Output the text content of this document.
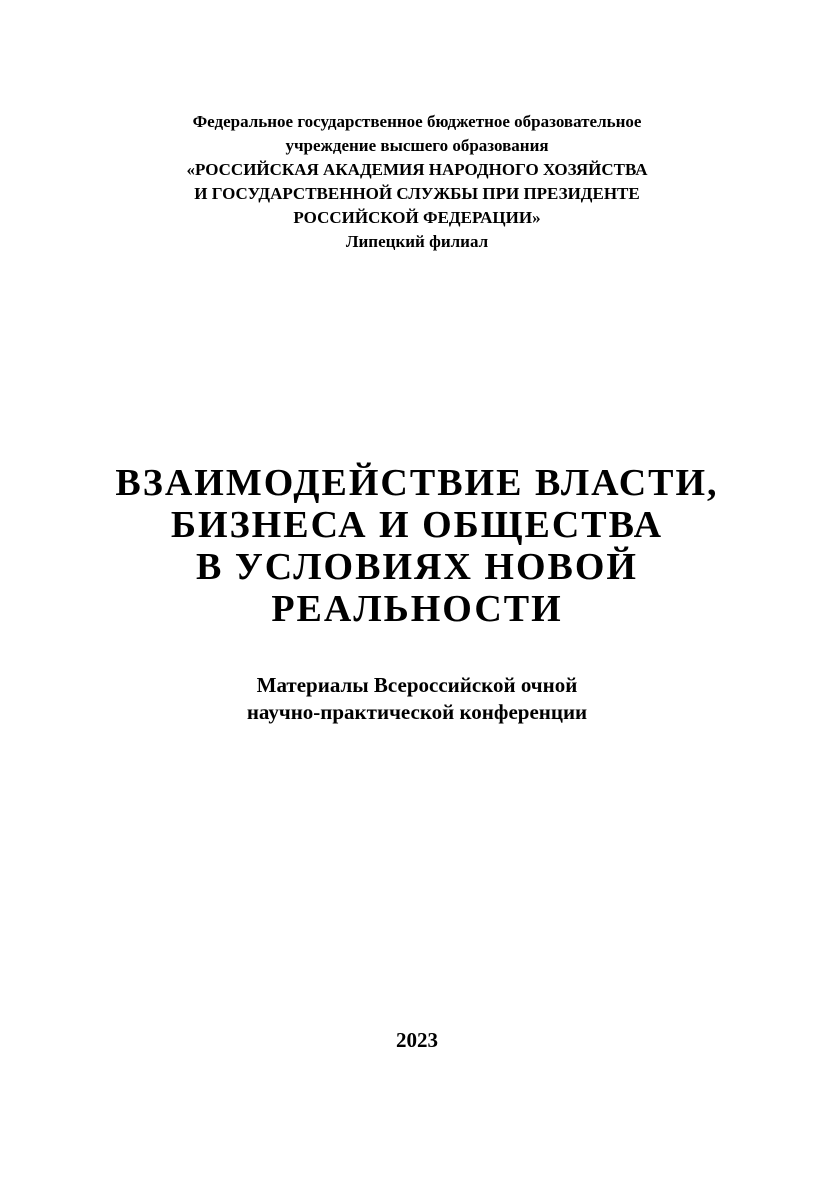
Федеральное государственное бюджетное образовательное
учреждение высшего образования
«РОССИЙСКАЯ АКАДЕМИЯ НАРОДНОГО ХОЗЯЙСТВА
И ГОСУДАРСТВЕННОЙ СЛУЖБЫ ПРИ ПРЕЗИДЕНТЕ
РОССИЙСКОЙ ФЕДЕРАЦИИ»
Липецкий филиал
ВЗАИМОДЕЙСТВИЕ ВЛАСТИ,
БИЗНЕСА И ОБЩЕСТВА
В УСЛОВИЯХ НОВОЙ
РЕАЛЬНОСТИ
Материалы Всероссийской очной
научно-практической конференции
2023
